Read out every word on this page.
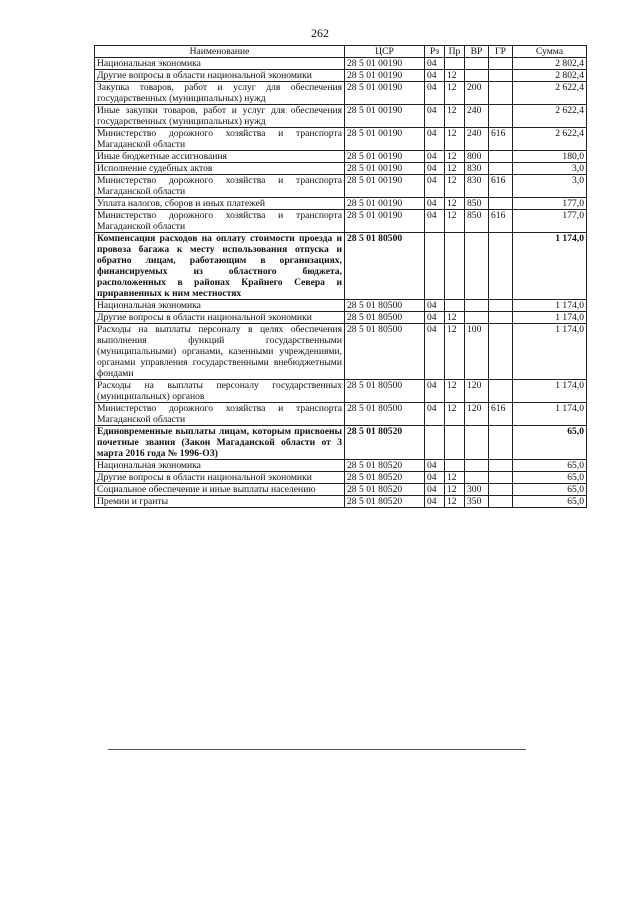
262
Наименование	ЦСР	Рз	Пр	ВР	ГР	Сумма
Национальная экономика	28 5 01 00190	04				2 802,4
Другие вопросы в области национальной экономики	28 5 01 00190	04	12			2 802,4
Закупка товаров, работ и услуг для обеспечения государственных (муниципальных) нужд	28 5 01 00190	04	12	200		2 622,4
Иные закупки товаров, работ и услуг для обеспечения государственных (муниципальных) нужд	28 5 01 00190	04	12	240		2 622,4
Министерство дорожного хозяйства и транспорта Магаданской области	28 5 01 00190	04	12	240	616	2 622,4
Иные бюджетные ассигнования	28 5 01 00190	04	12	800		180,0
Исполнение судебных актов	28 5 01 00190	04	12	830		3,0
Министерство дорожного хозяйства и транспорта Магаданской области	28 5 01 00190	04	12	830	616	3,0
Уплата налогов, сборов и иных платежей	28 5 01 00190	04	12	850		177,0
Министерство дорожного хозяйства и транспорта Магаданской области	28 5 01 00190	04	12	850	616	177,0
Компенсация расходов на оплату стоимости проезда и провоза багажа к месту использования отпуска и обратно лицам, работающим в организациях, финансируемых из областного бюджета, расположенных в районах Крайнего Севера и приравненных к ним местностях	28 5 01 80500					1 174,0
Национальная экономика	28 5 01 80500	04				1 174,0
Другие вопросы в области национальной экономики	28 5 01 80500	04	12			1 174,0
Расходы на выплаты персоналу в целях обеспечения выполнения функций государственными (муниципальными) органами, казенными учреждениями, органами управления государственными внебюджетными фондами	28 5 01 80500	04	12	100		1 174,0
Расходы на выплаты персоналу государственных (муниципальных) органов	28 5 01 80500	04	12	120		1 174,0
Министерство дорожного хозяйства и транспорта Магаданской области	28 5 01 80500	04	12	120	616	1 174,0
Единовременные выплаты лицам, которым присвоены почетные звания (Закон Магаданской области от 3 марта 2016 года № 1996-ОЗ)	28 5 01 80520					65,0
Национальная экономика	28 5 01 80520	04				65,0
Другие вопросы в области национальной экономики	28 5 01 80520	04	12			65,0
Социальное обеспечение и иные выплаты населению	28 5 01 80520	04	12	300		65,0
Премии и гранты	28 5 01 80520	04	12	350		65,0
